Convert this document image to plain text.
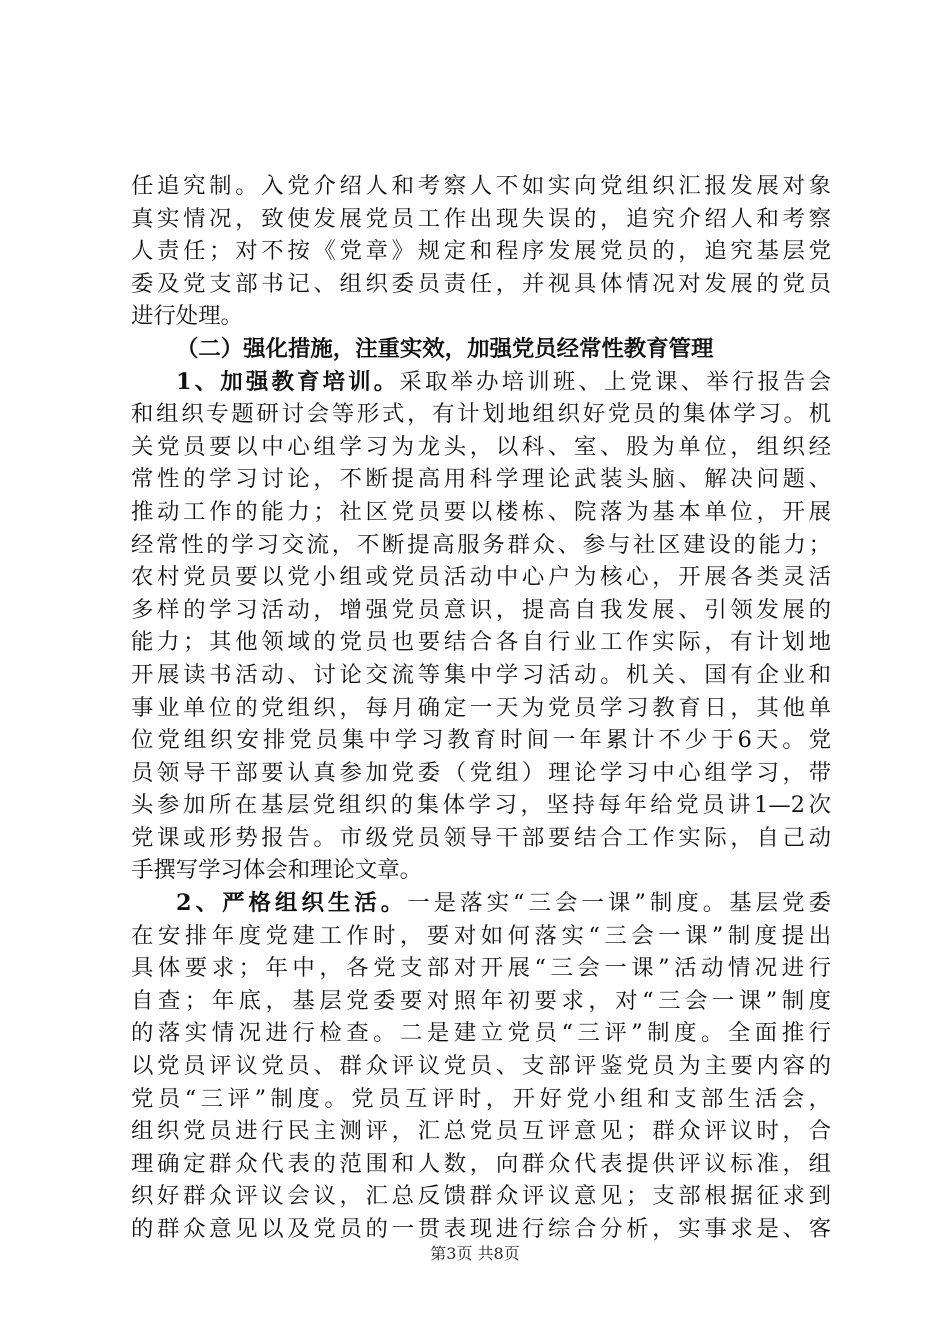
任追究制。入党介绍人和考察人不如实向党组织汇报发展对象
真实情况，致使发展党员工作出现失误的，追究介绍人和考察
人责任；对不按《党章》规定和程序发展党员的，追究基层党
委及党支部书记、组织委员责任，并视具体情况对发展的党员
进行处理。
（二）强化措施，注重实效，加强党员经常性教育管理
1、加强教育培训。采取举办培训班、上党课、举行报告会
和组织专题研讨会等形式，有计划地组织好党员的集体学习。机
关党员要以中心组学习为龙头，以科、室、股为单位，组织经
常性的学习讨论，不断提高用科学理论武装头脑、解决问题、
推动工作的能力；社区党员要以楼栋、院落为基本单位，开展
经常性的学习交流，不断提高服务群众、参与社区建设的能力；
农村党员要以党小组或党员活动中心户为核心，开展各类灵活
多样的学习活动，增强党员意识，提高自我发展、引领发展的
能力；其他领域的党员也要结合各自行业工作实际，有计划地
开展读书活动、讨论交流等集中学习活动。机关、国有企业和
事业单位的党组织，每月确定一天为党员学习教育日，其他单
位党组织安排党员集中学习教育时间一年累计不少于6天。党
员领导干部要认真参加党委（党组）理论学习中心组学习，带
头参加所在基层党组织的集体学习，坚持每年给党员讲1—2次
党课或形势报告。市级党员领导干部要结合工作实际，自己动
手撰写学习体会和理论文章。
2、严格组织生活。一是落实“三会一课”制度。基层党委
在安排年度党建工作时，要对如何落实“三会一课”制度提出
具体要求；年中，各党支部对开展“三会一课”活动情况进行
自查；年底，基层党委要对照年初要求，对“三会一课”制度
的落实情况进行检查。二是建立党员“三评”制度。全面推行
以党员评议党员、群众评议党员、支部评鉴党员为主要内容的
党员“三评”制度。党员互评时，开好党小组和支部生活会，
组织党员进行民主测评，汇总党员互评意见；群众评议时，合
理确定群众代表的范围和人数，向群众代表提供评议标准，组
织好群众评议会议，汇总反馈群众评议意见；支部根据征求到
的群众意见以及党员的一贯表现进行综合分析，实事求是、客
第3页 共8页
